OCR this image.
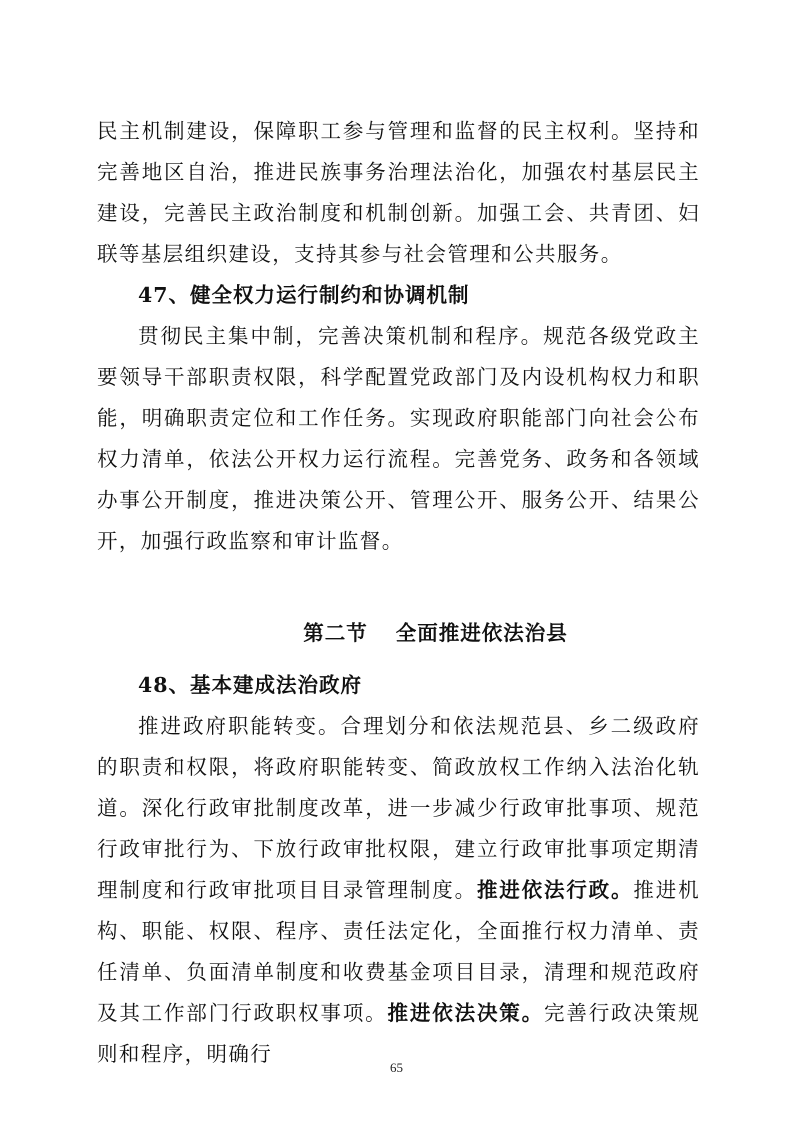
民主机制建设，保障职工参与管理和监督的民主权利。坚持和完善地区自治，推进民族事务治理法治化，加强农村基层民主建设，完善民主政治制度和机制创新。加强工会、共青团、妇联等基层组织建设，支持其参与社会管理和公共服务。

47、健全权力运行制约和协调机制

贯彻民主集中制，完善决策机制和程序。规范各级党政主要领导干部职责权限，科学配置党政部门及内设机构权力和职能，明确职责定位和工作任务。实现政府职能部门向社会公布权力清单，依法公开权力运行流程。完善党务、政务和各领域办事公开制度，推进决策公开、管理公开、服务公开、结果公开，加强行政监察和审计监督。

第二节 全面推进依法治县

48、基本建成法治政府

推进政府职能转变。合理划分和依法规范县、乡二级政府的职责和权限，将政府职能转变、简政放权工作纳入法治化轨道。深化行政审批制度改革，进一步减少行政审批事项、规范行政审批行为、下放行政审批权限，建立行政审批事项定期清理制度和行政审批项目目录管理制度。推进依法行政。推进机构、职能、权限、程序、责任法定化，全面推行权力清单、责任清单、负面清单制度和收费基金项目目录，清理和规范政府及其工作部门行政职权事项。推进依法决策。完善行政决策规则和程序，明确行

65
